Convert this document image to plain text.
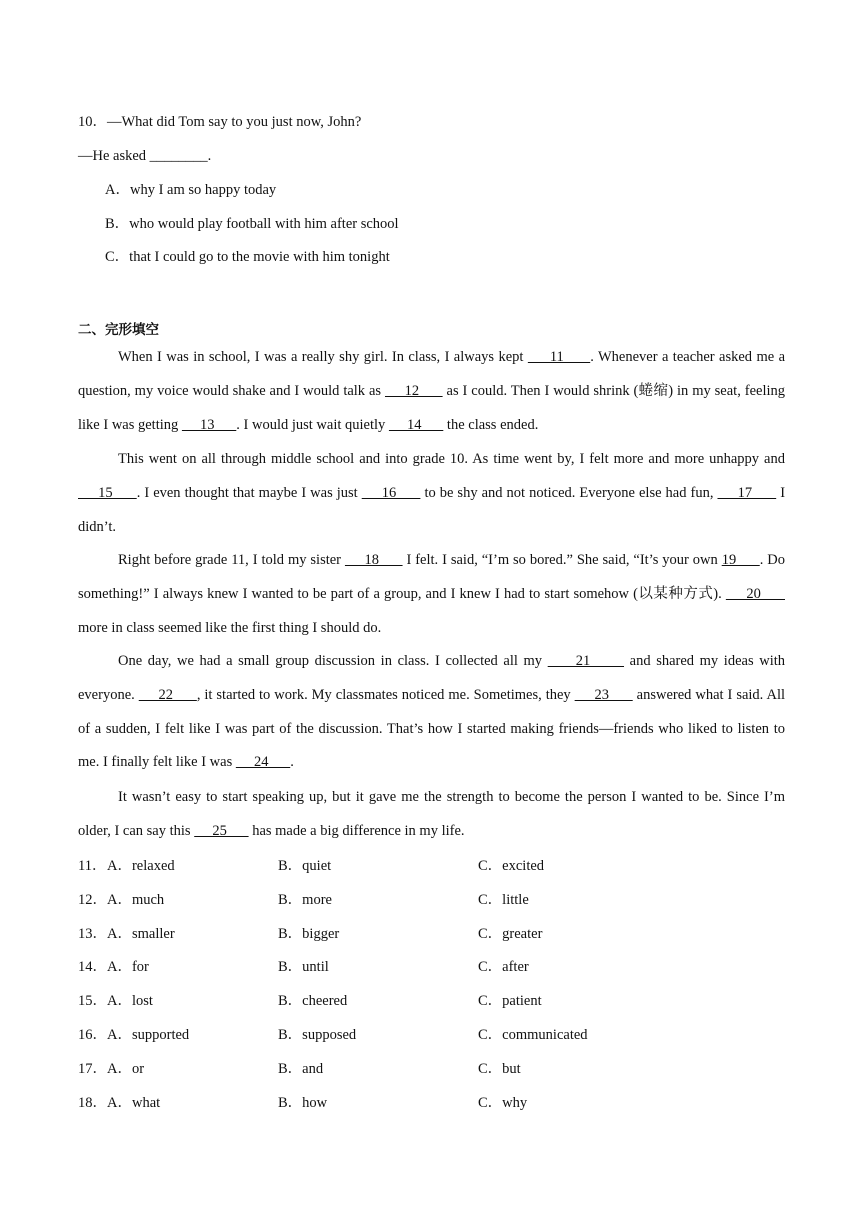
10．—What did Tom say to you just now, John?
—He asked ________.
A．why I am so happy today
B．who would play football with him after school
C．that I could go to the movie with him tonight
二、完形填空
When I was in school, I was a really shy girl. In class, I always kept      11      . Whenever a teacher asked me a question, my voice would shake and I would talk as      12       as I could. Then I would shrink (蜷缩) in my seat, feeling like I was getting      13      . I would just wait quietly      14       the class ended.
This went on all through middle school and into grade 10. As time went by, I felt more and more unhappy and      15      . I even thought that maybe I was just      16       to be shy and not noticed. Everyone else had fun,      17       I didn’t.
Right before grade 11, I told my sister      18       I felt. I said, “I’m so bored.” She said, “It’s your own 19      . Do something!” I always knew I wanted to be part of a group, and I knew I had to start somehow (以某种方式).      20       more in class seemed like the first thing I should do.
One day, we had a small group discussion in class. I collected all my      21       and shared my ideas with everyone.      22      , it started to work. My classmates noticed me. Sometimes, they      23       answered what I said. All of a sudden, I felt like I was part of the discussion. That’s how I started making friends—friends who liked to listen to me. I finally felt like I was      24      .
It wasn’t easy to start speaking up, but it gave me the strength to become the person I wanted to be. Since I’m older, I can say this      25       has made a big difference in my life.
11． A．relaxed	B．quiet	C．excited
12． A．much	B．more	C．little
13． A．smaller	B．bigger	C．greater
14． A．for	B．until	C．after
15． A．lost	B．cheered	C．patient
16． A．supported	B．supposed	C．communicated
17． A．or	B．and	C．but
18． A．what	B．how	C．why
